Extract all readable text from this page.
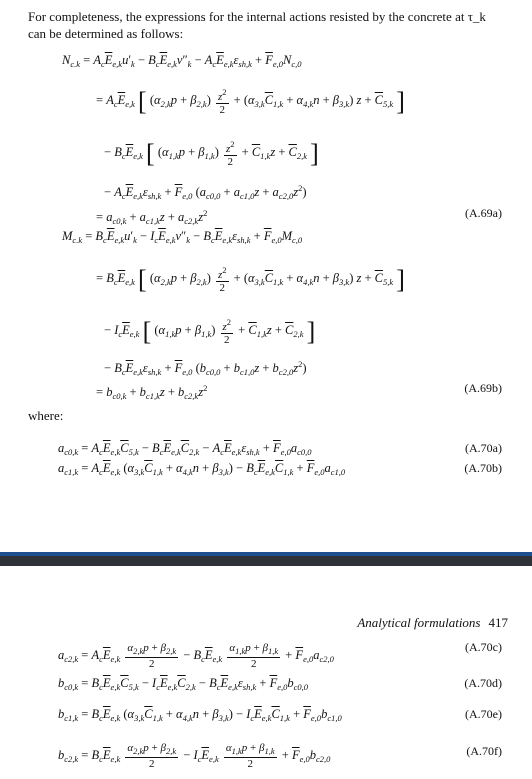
For completeness, the expressions for the internal actions resisted by the concrete at τ_k can be determined as follows:
$N_{c.k} = A_c\overline{E}_{e,k}u'_k - B_c\overline{E}_{e,k}v''_k - A_c\overline{E}_{e,k}\varepsilon_{sh,k} + \overline{F}_{e,0}N_{c,0}$
= $A_c\overline{E}_{e,k}$ [ $(\alpha_{2,k}p + \beta_{2,k}) \frac{z^2}{2} + (\alpha_{3,k}\overline{C}_{1,k} + \alpha_{4,k}n + \beta_{3,k}) z + \overline{C}_{5,k}$ ]
− $B_c\overline{E}_{e,k}$ [ $(\alpha_{1,k}p + \beta_{1,k}) \frac{z^2}{2} + \overline{C}_{1,k}z + \overline{C}_{2,k}$ ]
− $A_c\overline{E}_{e,k}\varepsilon_{sh,k} + \overline{F}_{e,0}$ $(a_{c0,0} + a_{c1,0}z + a_{c2,0}z^2)$
= $a_{c0,k} + a_{c1,k}z + a_{c2,k}z^2$	(A.69a)
$M_{c.k} = B_c\overline{E}_{e,k}u'_k - I_c\overline{E}_{e,k}v''_k - B_c\overline{E}_{e,k}\varepsilon_{sh,k} + \overline{F}_{e,0}M_{c,0}$
= $B_c\overline{E}_{e,k}$ [ $(\alpha_{2,k}p + \beta_{2,k}) \frac{z^2}{2} + (\alpha_{3,k}\overline{C}_{1,k} + \alpha_{4,k}n + \beta_{3,k}) z + \overline{C}_{5,k}$ ]
− $I_c\overline{E}_{e,k}$ [ $(\alpha_{1,k}p + \beta_{1,k}) \frac{z^2}{2} + \overline{C}_{1,k}z + \overline{C}_{2,k}$ ]
− $B_c\overline{E}_{e,k}\varepsilon_{sh,k} + \overline{F}_{e,0}$ $(b_{c0,0} + b_{c1,0}z + b_{c2,0}z^2)$
= $b_{c0,k} + b_{c1,k}z + b_{c2,k}z^2$	(A.69b)
where:
$a_{c0,k} = A_c\overline{E}_{e,k}\overline{C}_{5,k} - B_c\overline{E}_{e,k}\overline{C}_{2,k} - A_c\overline{E}_{e,k}\varepsilon_{sh,k} + \overline{F}_{e,0}a_{c0,0}$	(A.70a)
$a_{c1,k} = A_c\overline{E}_{e,k}$ $(\alpha_{3,k}\overline{C}_{1,k} + \alpha_{4,k}n + \beta_{3,k}) - B_c\overline{E}_{e,k}\overline{C}_{1,k} + \overline{F}_{e,0}a_{c1,0}$	(A.70b)
Analytical formulations 417
$a_{c2,k} = A_c\overline{E}_{e,k} \frac{\alpha_{2,k}p + \beta_{2,k}}{2} - B_c\overline{E}_{e,k} \frac{\alpha_{1,k}p + \beta_{1,k}}{2} + \overline{F}_{e,0}a_{c2,0}$
(A.70c)
$b_{c0,k} = B_c\overline{E}_{e,k}\overline{C}_{5,k} - I_c\overline{E}_{e,k}\overline{C}_{2,k} - B_c\overline{E}_{e,k}\varepsilon_{sh,k} + \overline{F}_{e,0}b_{c0,0}$	(A.70d)
$b_{c1,k} = B_c\overline{E}_{e,k}$ $(\alpha_{3,k}\overline{C}_{1,k} + \alpha_{4,k}n + \beta_{3,k}) - I_c\overline{E}_{e,k}\overline{C}_{1,k} + \overline{F}_{e,0}b_{c1,0}$	(A.70e)
$b_{c2,k} = B_c\overline{E}_{e,k} \frac{\alpha_{2,k}p + \beta_{2,k}}{2} - I_c\overline{E}_{e,k} \frac{\alpha_{1,k}p + \beta_{1,k}}{2} + \overline{F}_{e,0}b_{c2,0}$
(A.70f)
